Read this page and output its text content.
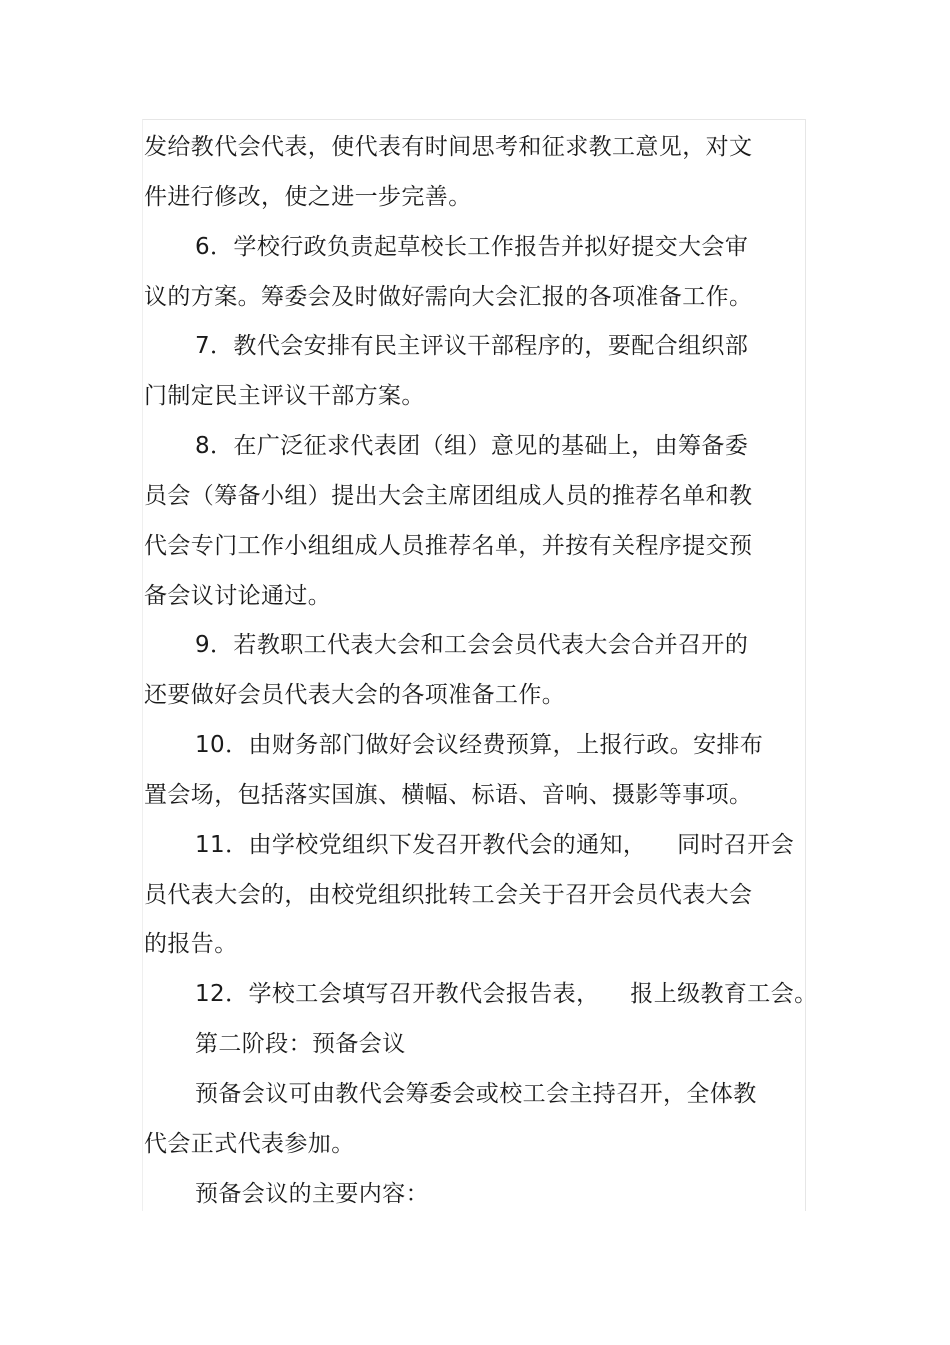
发给教代会代表，使代表有时间思考和征求教工意见，对文
件进行修改，使之进一步完善。
6．学校行政负责起草校长工作报告并拟好提交大会审
议的方案。筹委会及时做好需向大会汇报的各项准备工作。
7．教代会安排有民主评议干部程序的，要配合组织部
门制定民主评议干部方案。
8．在广泛征求代表团（组）意见的基础上，由筹备委
员会（筹备小组）提出大会主席团组成人员的推荐名单和教
代会专门工作小组组成人员推荐名单，并按有关程序提交预
备会议讨论通过。
9．若教职工代表大会和工会会员代表大会合并召开的
还要做好会员代表大会的各项准备工作。
10．由财务部门做好会议经费预算，上报行政。安排布
置会场，包括落实国旗、横幅、标语、音响、摄影等事项。
11．由学校党组织下发召开教代会的通知，    同时召开会
员代表大会的，由校党组织批转工会关于召开会员代表大会
的报告。
12．学校工会填写召开教代会报告表，    报上级教育工会。
第二阶段：预备会议
预备会议可由教代会筹委会或校工会主持召开，全体教
代会正式代表参加。
预备会议的主要内容：
